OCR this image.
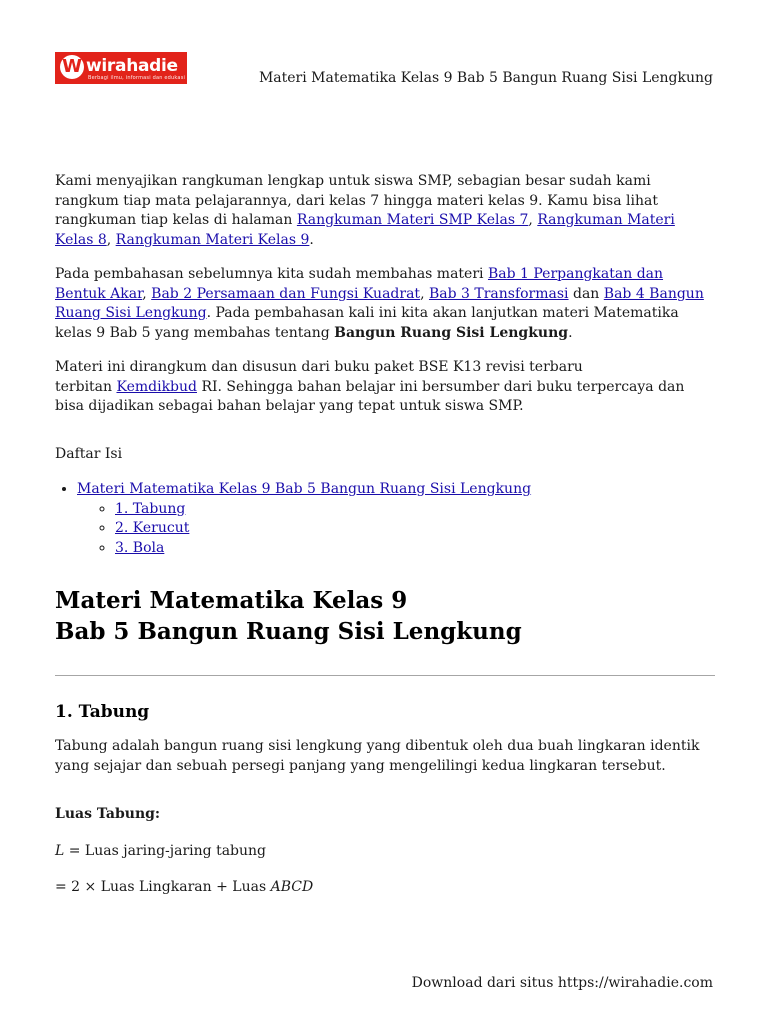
W wirahadie
Berbagi ilmu, informasi dan edukasi	Materi Matematika Kelas 9 Bab 5 Bangun Ruang Sisi Lengkung

Kami menyajikan rangkuman lengkap untuk siswa SMP, sebagian besar sudah kami rangkum tiap mata pelajarannya, dari kelas 7 hingga materi kelas 9. Kamu bisa lihat rangkuman tiap kelas di halaman Rangkuman Materi SMP Kelas 7, Rangkuman Materi Kelas 8, Rangkuman Materi Kelas 9.

Pada pembahasan sebelumnya kita sudah membahas materi Bab 1 Perpangkatan dan Bentuk Akar, Bab 2 Persamaan dan Fungsi Kuadrat, Bab 3 Transformasi dan Bab 4 Bangun Ruang Sisi Lengkung. Pada pembahasan kali ini kita akan lanjutkan materi Matematika kelas 9 Bab 5 yang membahas tentang Bangun Ruang Sisi Lengkung.

Materi ini dirangkum dan disusun dari buku paket BSE K13 revisi terbaru
terbitan Kemdikbud RI. Sehingga bahan belajar ini bersumber dari buku terpercaya dan bisa dijadikan sebagai bahan belajar yang tepat untuk siswa SMP.

Daftar Isi
• Materi Matematika Kelas 9 Bab 5 Bangun Ruang Sisi Lengkung
◦ 1. Tabung
◦ 2. Kerucut
◦ 3. Bola
Materi Matematika Kelas 9
Bab 5 Bangun Ruang Sisi Lengkung
1. Tabung

Tabung adalah bangun ruang sisi lengkung yang dibentuk oleh dua buah lingkaran identik yang sejajar dan sebuah persegi panjang yang mengelilingi kedua lingkaran tersebut.

Luas Tabung:
L = Luas jaring-jaring tabung
= 2 × Luas Lingkaran + Luas ABCD
Download dari situs https://wirahadie.com
